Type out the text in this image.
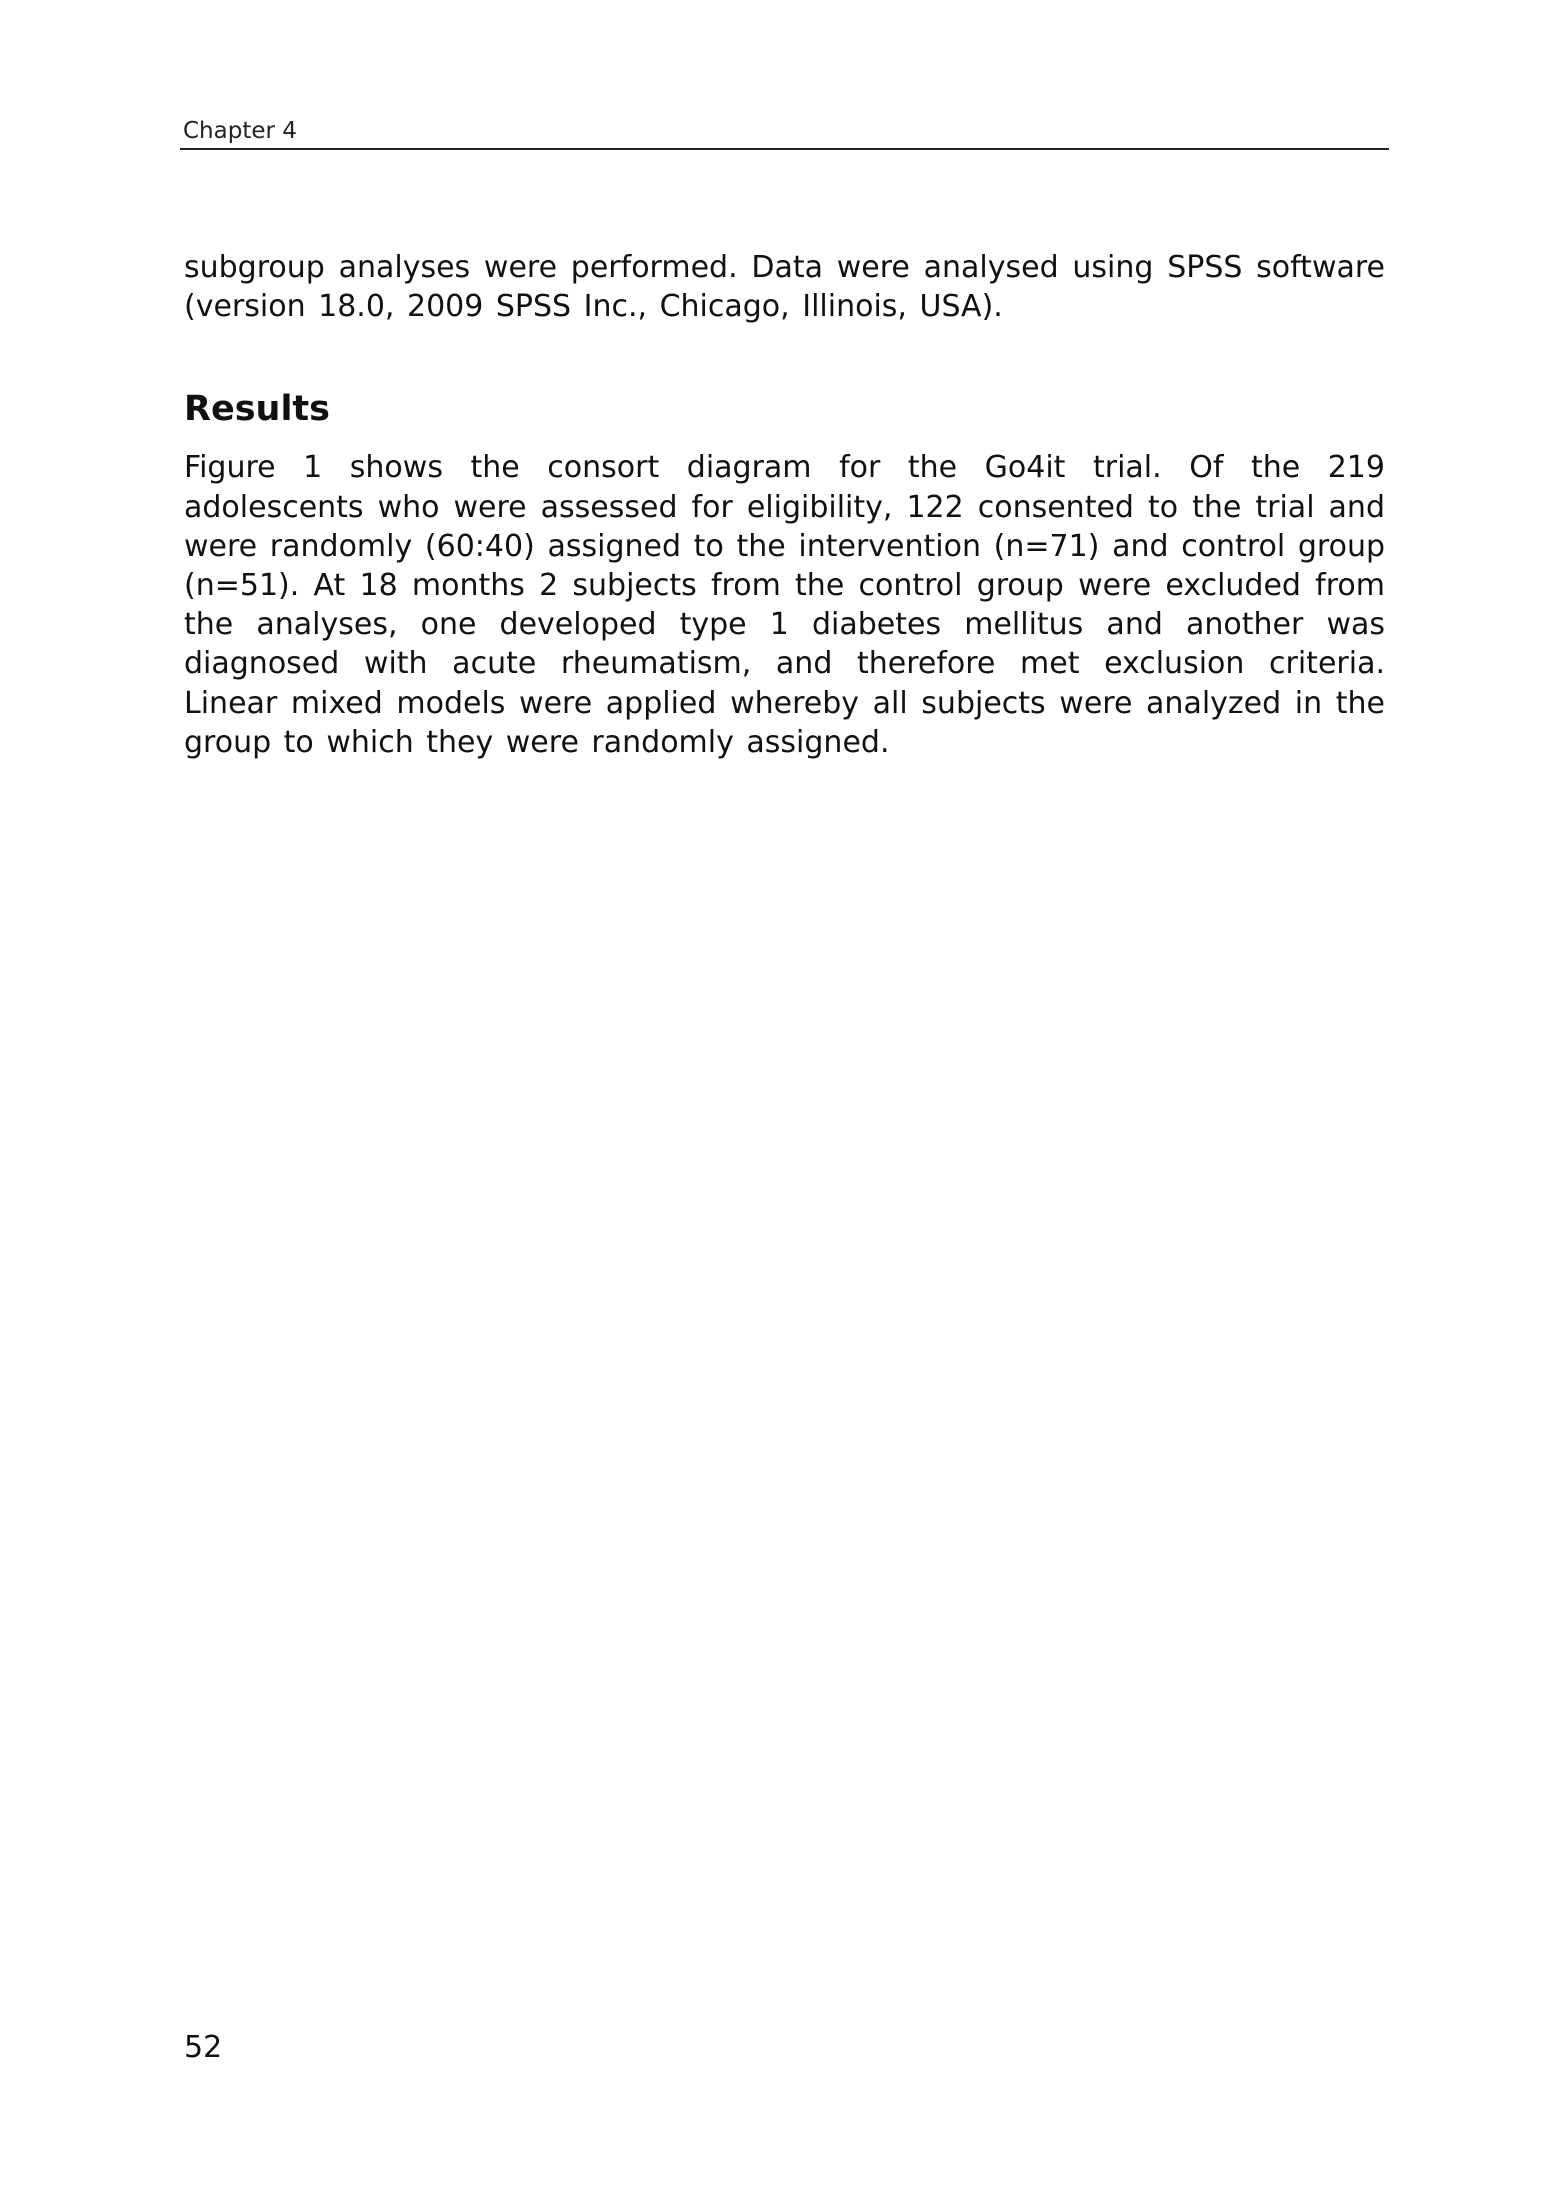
Chapter 4

subgroup analyses were performed. Data were analysed using SPSS software (version 18.0, 2009 SPSS Inc., Chicago, Illinois, USA).

Results

Figure 1 shows the consort diagram for the Go4it trial. Of the 219 adolescents who were assessed for eligibility, 122 consented to the trial and were randomly (60:40) assigned to the intervention (n=71) and control group (n=51). At 18 months 2 subjects from the control group were excluded from the analyses, one developed type 1 diabetes mellitus and another was diagnosed with acute rheumatism, and therefore met exclusion criteria. Linear mixed models were applied whereby all subjects were analyzed in the group to which they were randomly assigned.

52
